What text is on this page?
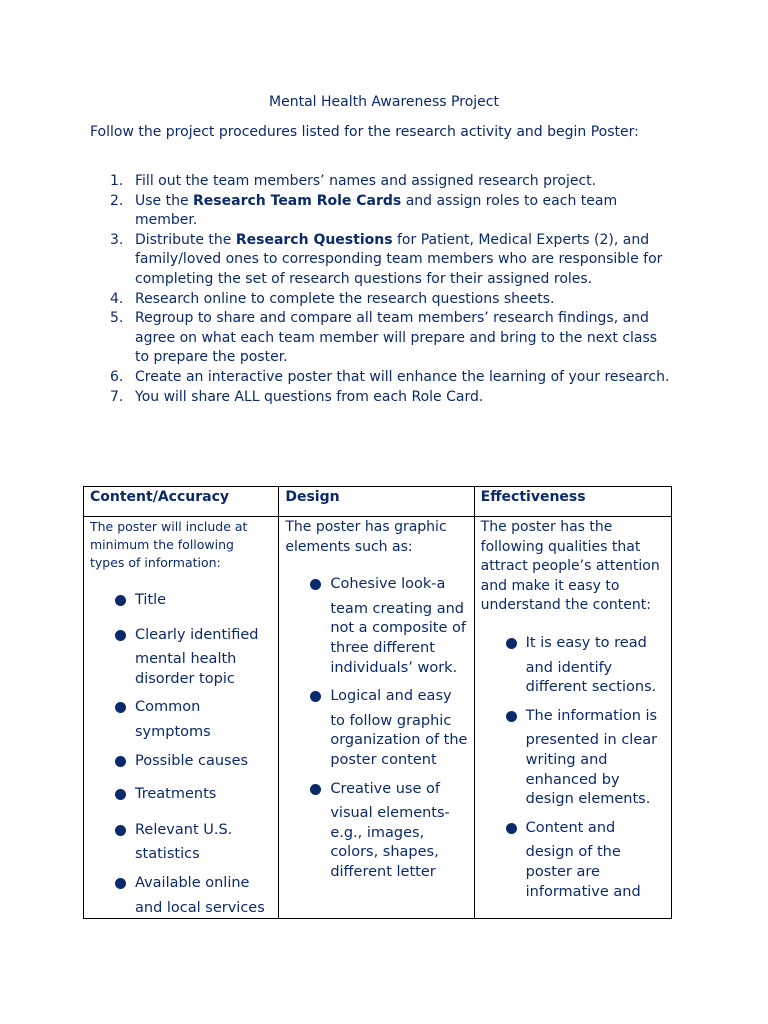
Mental Health Awareness Project
Follow the project procedures listed for the research activity and begin Poster:
1. Fill out the team members’ names and assigned research project.
2. Use the Research Team Role Cards and assign roles to each team member.
3. Distribute the Research Questions for Patient, Medical Experts (2), and family/loved ones to corresponding team members who are responsible for completing the set of research questions for their assigned roles.
4. Research online to complete the research questions sheets.
5. Regroup to share and compare all team members’ research findings, and agree on what each team member will prepare and bring to the next class to prepare the poster.
6. Create an interactive poster that will enhance the learning of your research.
7. You will share ALL questions from each Role Card.
Content/Accuracy
The poster will include at minimum the following types of information:
Title
Clearly identified
mental health disorder topic
Common
symptoms
Possible causes
Treatments
Relevant U.S.
statistics
Available online
and local services
Design
The poster has graphic elements such as:
Cohesive look-a
team creating and not a composite of three different individuals’ work.
Logical and easy
to follow graphic organization of the poster content
Creative use of
visual elements- e.g., images, colors, shapes, different letter
Effectiveness
The poster has the following qualities that attract people’s attention and make it easy to understand the content:
It is easy to read
and identify different sections.
The information is
presented in clear writing and enhanced by design elements.
Content and
design of the poster are informative and
